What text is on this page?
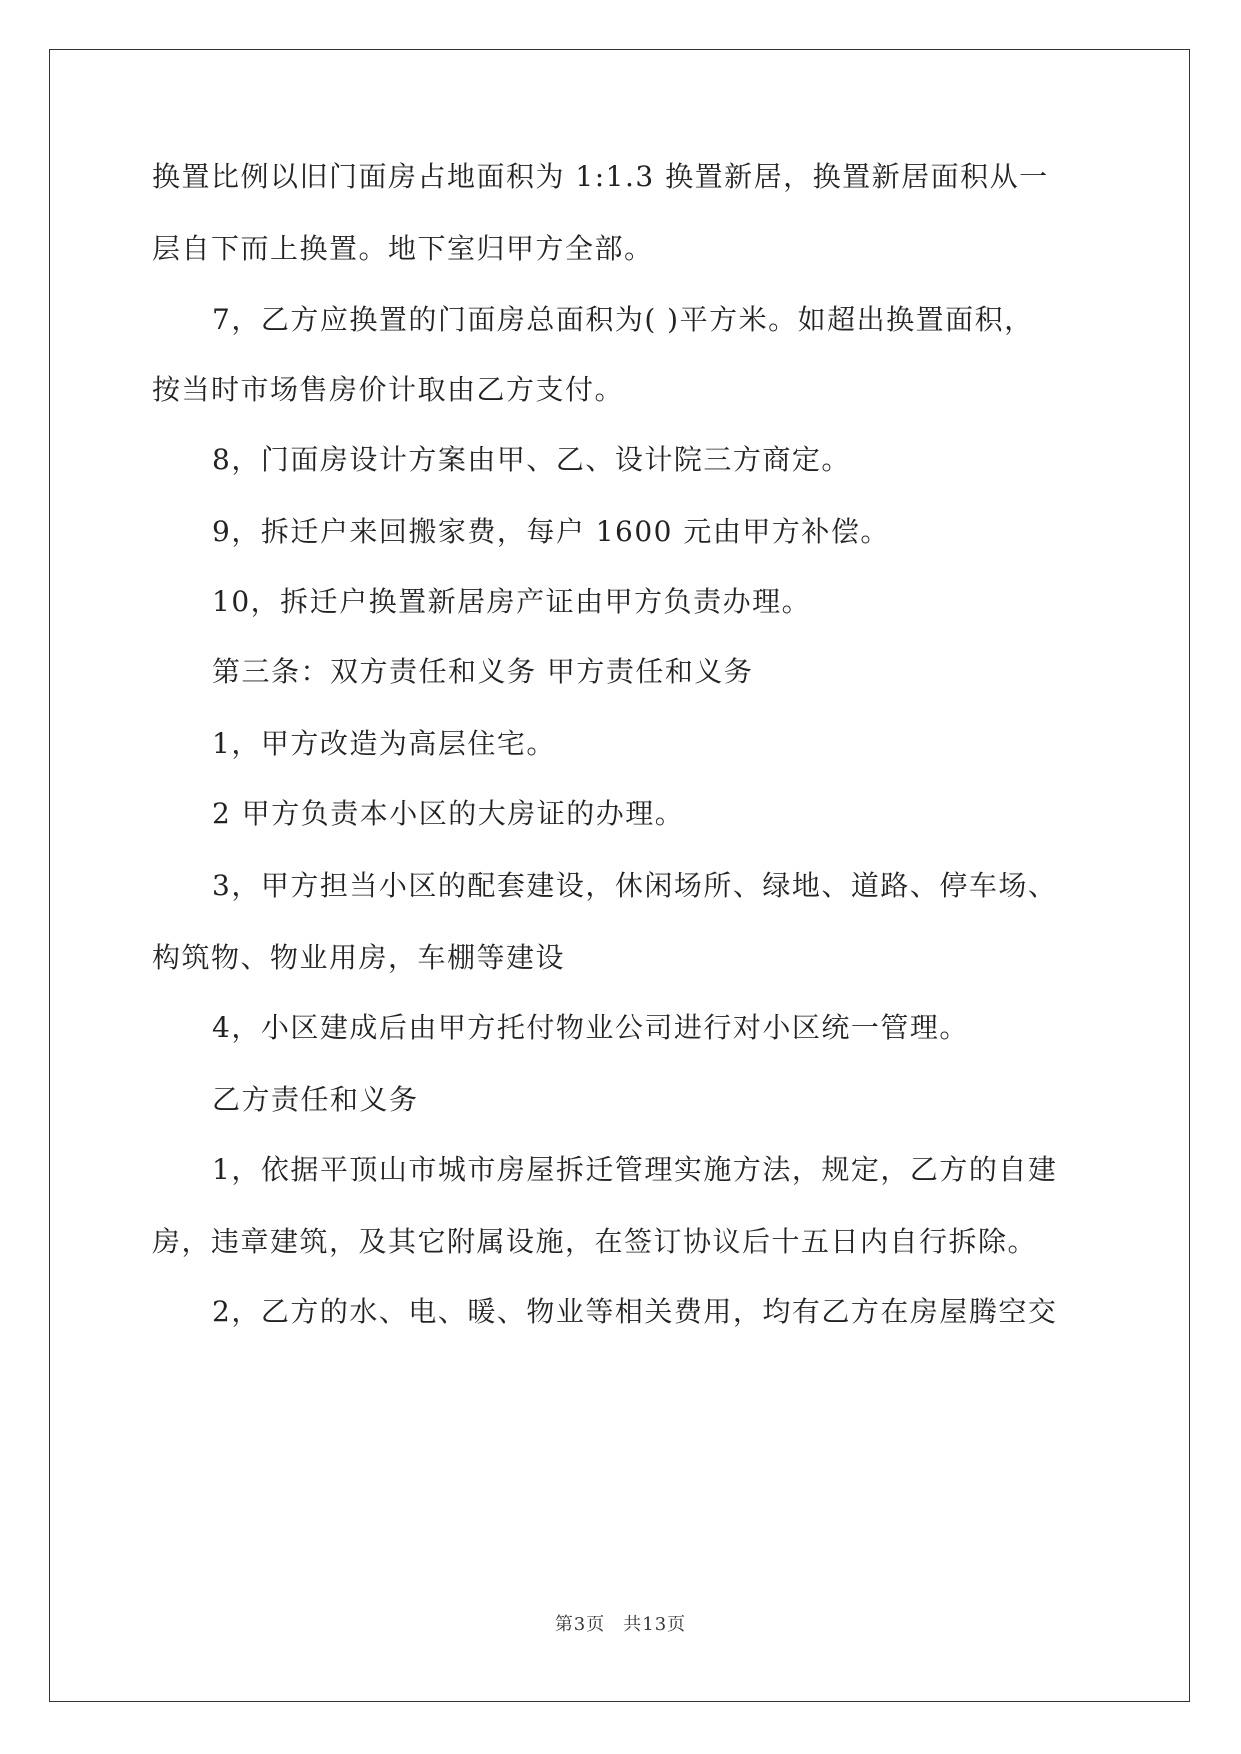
换置比例以旧门面房占地面积为 1:1.3 换置新居，换置新居面积从一

层自下而上换置。地下室归甲方全部。

7，乙方应换置的门面房总面积为( )平方米。如超出换置面积，

按当时市场售房价计取由乙方支付。

8，门面房设计方案由甲、乙、设计院三方商定。

9，拆迁户来回搬家费，每户 1600 元由甲方补偿。

10，拆迁户换置新居房产证由甲方负责办理。

第三条：双方责任和义务 甲方责任和义务

1，甲方改造为高层住宅。

2 甲方负责本小区的大房证的办理。

3，甲方担当小区的配套建设，休闲场所、绿地、道路、停车场、

构筑物、物业用房，车棚等建设

4，小区建成后由甲方托付物业公司进行对小区统一管理。

乙方责任和义务

1，依据平顶山市城市房屋拆迁管理实施方法，规定，乙方的自建

房，违章建筑，及其它附属设施，在签订协议后十五日内自行拆除。

2，乙方的水、电、暖、物业等相关费用，均有乙方在房屋腾空交

第3页 共13页
